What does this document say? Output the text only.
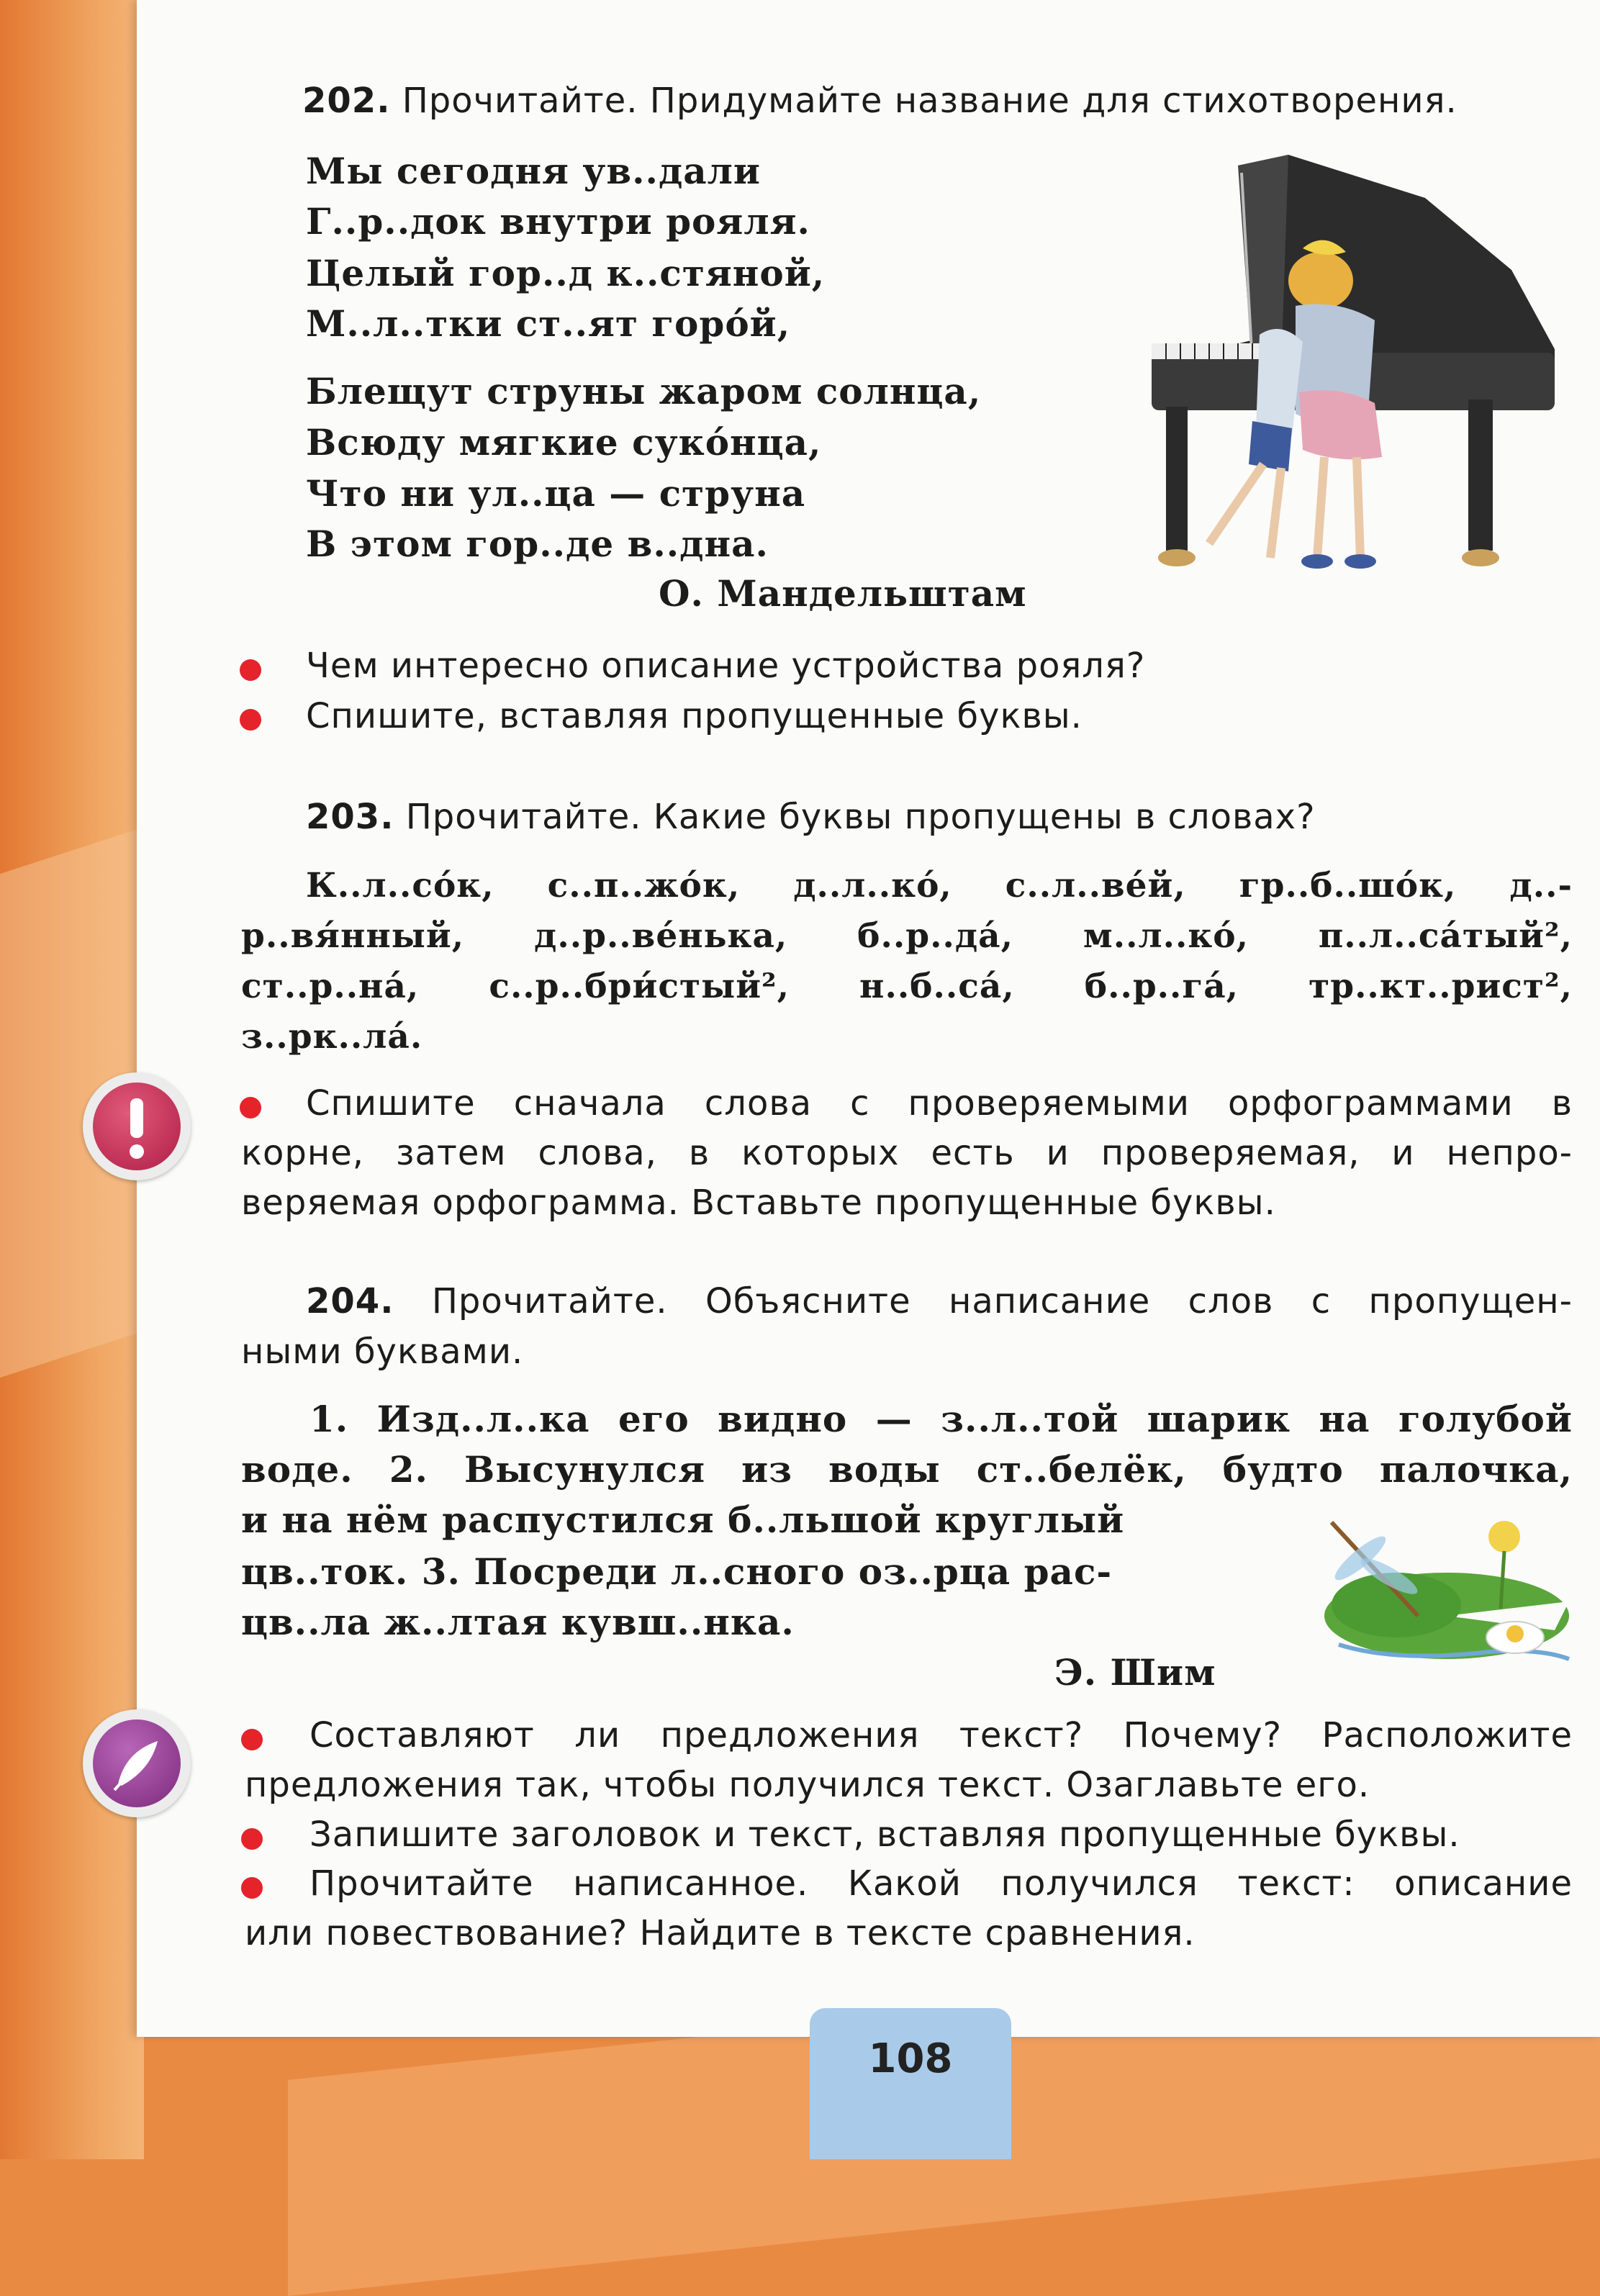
202. Прочитайте. Придумайте название для стихотворения.
Мы сегодня ув..дали
Г..р..док внутри рояля.
Целый гор..д к..стяной,
М..л..тки ст..ят горо́й,
Блещут струны жаром солнца,
Всюду мягкие суко́нца,
Что ни ул..ца — струна
В этом гор..де в..дна.
О. Мандельштам
Чем интересно описание устройства рояля?
Спишите, вставляя пропущенные буквы.
203. Прочитайте. Какие буквы пропущены в словах?
К..л..со́к, с..п..жо́к, д..л..ко́, с..л..ве́й, гр..б..шо́к, д..-
р..вя́нный, д..р..ве́нька, б..р..да́, м..л..ко́, п..л..са́тый²,
ст..р..на́, с..р..бри́стый², н..б..са́, б..р..га́, тр..кт..рист²,
з..рк..ла́.
Спишите сначала слова с проверяемыми орфограммами в
корне, затем слова, в которых есть и проверяемая, и непро-
веряемая орфограмма. Вставьте пропущенные буквы.
204. Прочитайте. Объясните написание слов с пропущен-
ными буквами.
1. Изд..л..ка его видно — з..л..той шарик на голубой
воде. 2. Высунулся из воды ст..белёк, будто палочка,
и на нём распустился б..льшой круглый
цв..ток. 3. Посреди л..сного оз..рца рас-
цв..ла ж..лтая кувш..нка.
Э. Шим
Составляют ли предложения текст? Почему? Расположите
предложения так, чтобы получился текст. Озаглавьте его.
Запишите заголовок и текст, вставляя пропущенные буквы.
Прочитайте написанное. Какой получился текст: описание
или повествование? Найдите в тексте сравнения.
108
